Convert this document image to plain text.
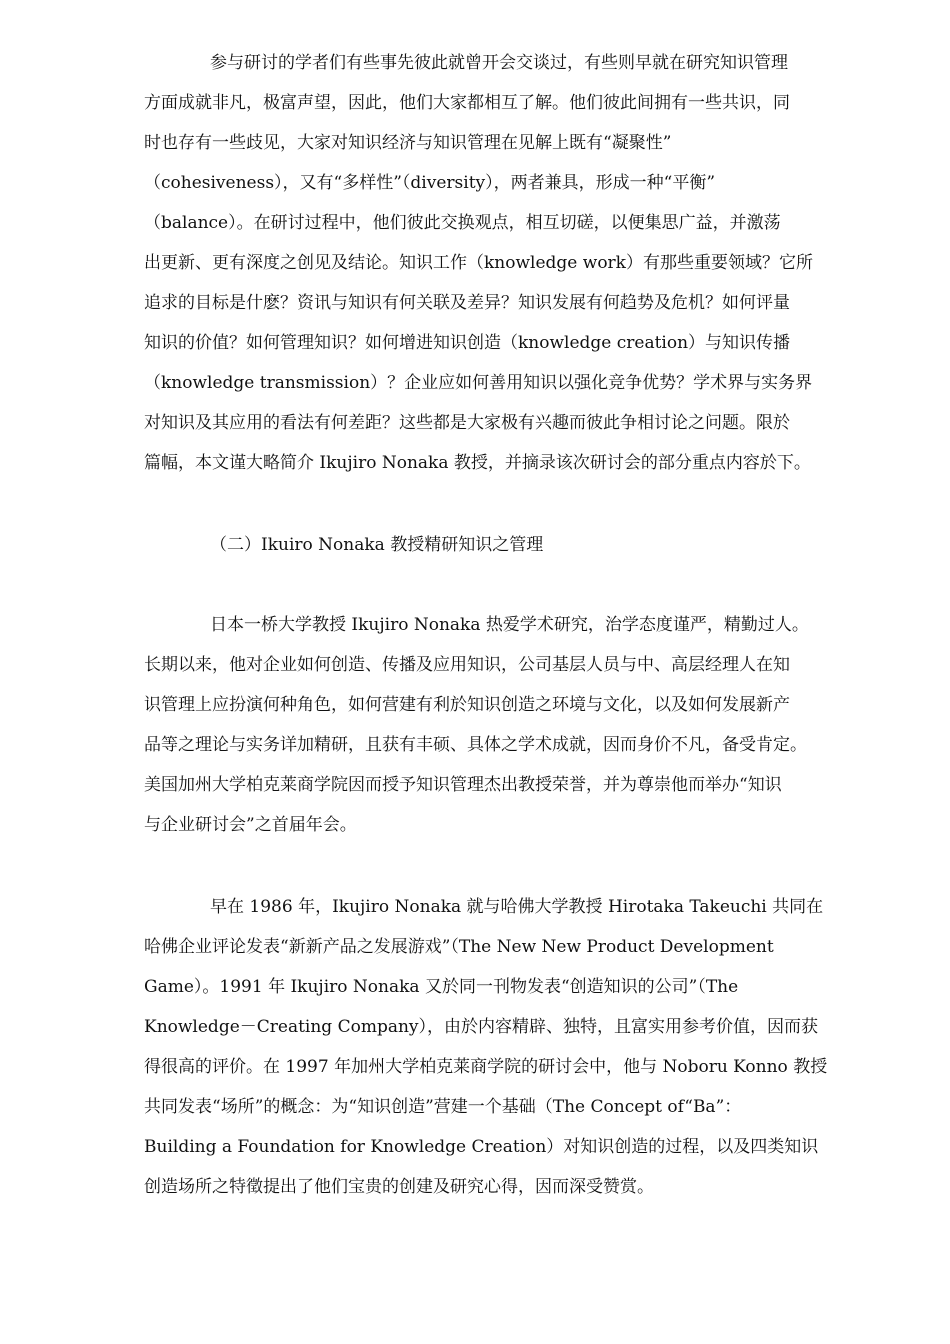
参与研讨的学者们有些事先彼此就曾开会交谈过，有些则早就在研究知识管理
方面成就非凡，极富声望，因此，他们大家都相互了解。他们彼此间拥有一些共识，同
时也存有一些歧见，大家对知识经济与知识管理在见解上既有“凝聚性”
（cohesiveness），又有“多样性”（diversity），两者兼具，形成一种“平衡”
（balance）。在研讨过程中，他们彼此交换观点，相互切磋，以便集思广益，并激荡
出更新、更有深度之创见及结论。知识工作（knowledge work）有那些重要领域？它所
追求的目标是什麽？资讯与知识有何关联及差异？知识发展有何趋势及危机？如何评量
知识的价值？如何管理知识？如何增进知识创造（knowledge creation）与知识传播
（knowledge transmission）？企业应如何善用知识以强化竞争优势？学术界与实务界
对知识及其应用的看法有何差距？这些都是大家极有兴趣而彼此争相讨论之问题。限於
篇幅，本文谨大略简介 Ikujiro Nonaka 教授，并摘录该次研讨会的部分重点内容於下。
（二）Ikuiro Nonaka 教授精研知识之管理
日本一桥大学教授 Ikujiro Nonaka 热爱学术研究，治学态度谨严，精勤过人。
长期以来，他对企业如何创造、传播及应用知识，公司基层人员与中、高层经理人在知
识管理上应扮演何种角色，如何营建有利於知识创造之环境与文化，以及如何发展新产
品等之理论与实务详加精研，且获有丰硕、具体之学术成就，因而身价不凡，备受肯定。
美国加州大学柏克莱商学院因而授予知识管理杰出教授荣誉，并为尊崇他而举办“知识
与企业研讨会”之首届年会。
早在 1986 年，Ikujiro Nonaka 就与哈佛大学教授 Hirotaka Takeuchi 共同在
哈佛企业评论发表“新新产品之发展游戏”（The New New Product Development
Game）。1991 年 Ikujiro Nonaka 又於同一刊物发表“创造知识的公司”（The
Knowledge－Creating Company），由於内容精辟、独特，且富实用参考价值，因而获
得很高的评价。在 1997 年加州大学柏克莱商学院的研讨会中，他与 Noboru Konno 教授
共同发表“场所”的概念：为“知识创造”营建一个基础（The Concept of“Ba”：
Building a Foundation for Knowledge Creation）对知识创造的过程，以及四类知识
创造场所之特徵提出了他们宝贵的创建及研究心得，因而深受赞赏。
